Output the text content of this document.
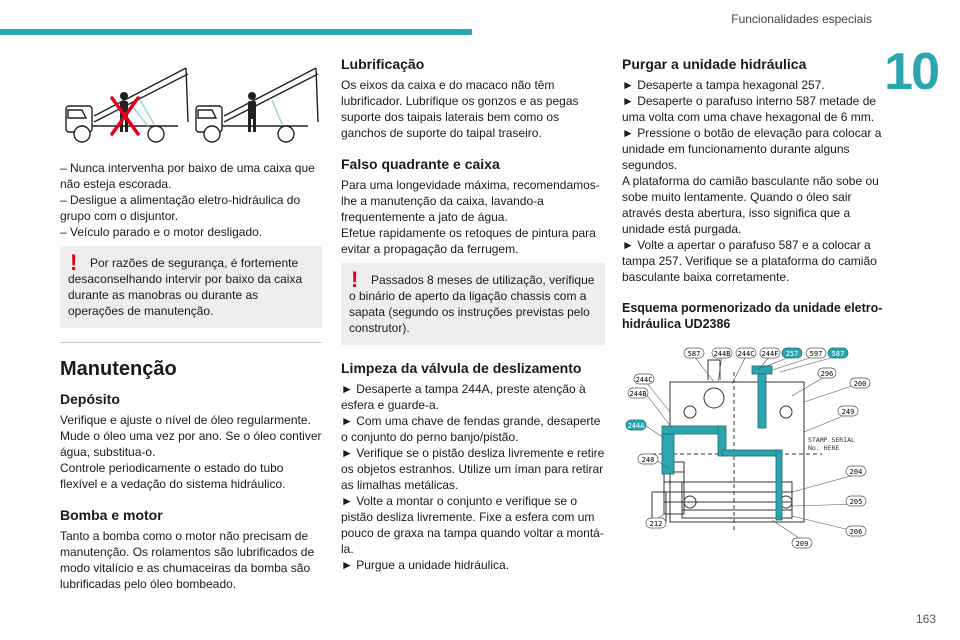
Funcionalidades especiais
10

– Nunca intervenha por baixo de uma caixa que não esteja escorada.

– Desligue a alimentação eletro-hidráulica do grupo com o disjuntor.

– Veículo parado e o motor desligado.

!	Por razões de segurança, é fortemente desaconselhando intervir por baixo da caixa durante as manobras ou durante as operações de manutenção.

Manutenção
Depósito

Verifique e ajuste o nível de óleo regularmente.

Mude o óleo uma vez por ano. Se o óleo contiver água, substitua-o.

Controle periodicamente o estado do tubo flexível e a vedação do sistema hidráulico.

Bomba e motor

Tanto a bomba como o motor não precisam de manutenção. Os rolamentos são lubrificados de modo vitalício e as chumaceiras da bomba são lubrificadas pelo óleo bombeado.

Lubrificação

Os eixos da caixa e do macaco não têm lubrificador. Lubrifique os gonzos e as pegas suporte dos taipais laterais bem como os ganchos de suporte do taipal traseiro.

Falso quadrante e caixa

Para uma longevidade máxima, recomendamos-lhe a manutenção da caixa, lavando-a frequentemente a jato de água.

Efetue rapidamente os retoques de pintura para evitar a propagação da ferrugem.

!	Passados 8 meses de utilização, verifique o binário de aperto da ligação chassis com a sapata (segundo os instruções previstas pelo construtor).

Limpeza da válvula de deslizamento

► Desaperte a tampa 244A, preste atenção à esfera e guarde-a.

► Com uma chave de fendas grande, desaperte o conjunto do perno banjo/pistão.

► Verifique se o pistão desliza livremente e retire os objetos estranhos. Utilize um íman para retirar as limalhas metálicas.

► Volte a montar o conjunto e verifique se o pistão desliza livremente. Fixe a esfera com um pouco de graxa na tampa quando voltar a montá-la.

► Purgue a unidade hidráulica.

Purgar a unidade hidráulica

► Desaperte a tampa hexagonal 257.

► Desaperte o parafuso interno 587 metade de uma volta com uma chave hexagonal de 6 mm.

► Pressione o botão de elevação para colocar a unidade em funcionamento durante alguns segundos.

A plataforma do camião basculante não sobe ou sobe muito lentamente. Quando o óleo sair através desta abertura, isso significa que a unidade está purgada.

► Volte a apertar o parafuso 587 e a colocar a tampa 257. Verifique se a plataforma do camião basculante baixa corretamente.

Esquema pormenorizado da unidade eletro-hidráulica UD2386
587 244B 244C 244F 257 597 587
244C
244B
244A
248
212
296
200
249
204
205
206
209
STAMP SERIAL
No. HERE
163
